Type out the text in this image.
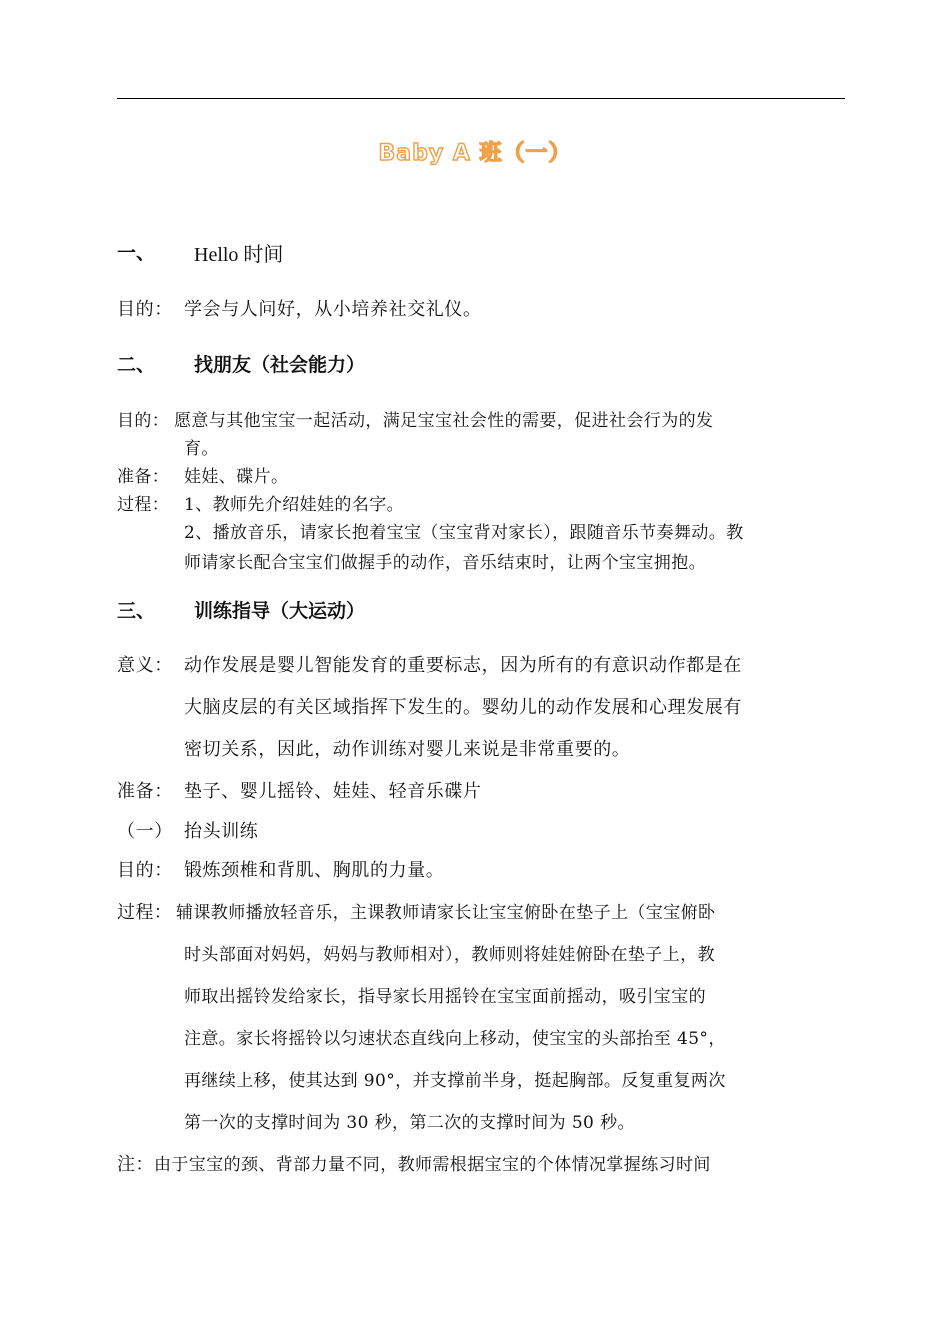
Baby A 班（一）
一、	Hello 时间
目的： 学会与人问好，从小培养社交礼仪。
二、	找朋友（社会能力）
目的： 愿意与其他宝宝一起活动，满足宝宝社会性的需要，促进社会行为的发
育。
准备： 娃娃、碟片。
过程： 1、教师先介绍娃娃的名字。
2、播放音乐，请家长抱着宝宝（宝宝背对家长），跟随音乐节奏舞动。教
师请家长配合宝宝们做握手的动作，音乐结束时，让两个宝宝拥抱。
三、	训练指导（大运动）
意义： 动作发展是婴儿智能发育的重要标志，因为所有的有意识动作都是在
大脑皮层的有关区域指挥下发生的。婴幼儿的动作发展和心理发展有
密切关系，因此，动作训练对婴儿来说是非常重要的。
准备： 垫子、婴儿摇铃、娃娃、轻音乐碟片
（一） 抬头训练
目的： 锻炼颈椎和背肌、胸肌的力量。
过程： 辅课教师播放轻音乐，主课教师请家长让宝宝俯卧在垫子上（宝宝俯卧
时头部面对妈妈，妈妈与教师相对），教师则将娃娃俯卧在垫子上，教
师取出摇铃发给家长，指导家长用摇铃在宝宝面前摇动，吸引宝宝的
注意。家长将摇铃以匀速状态直线向上移动，使宝宝的头部抬至 45°，
再继续上移，使其达到 90°，并支撑前半身，挺起胸部。反复重复两次
第一次的支撑时间为 30 秒，第二次的支撑时间为 50 秒。
注： 由于宝宝的颈、背部力量不同，教师需根据宝宝的个体情况掌握练习时间
